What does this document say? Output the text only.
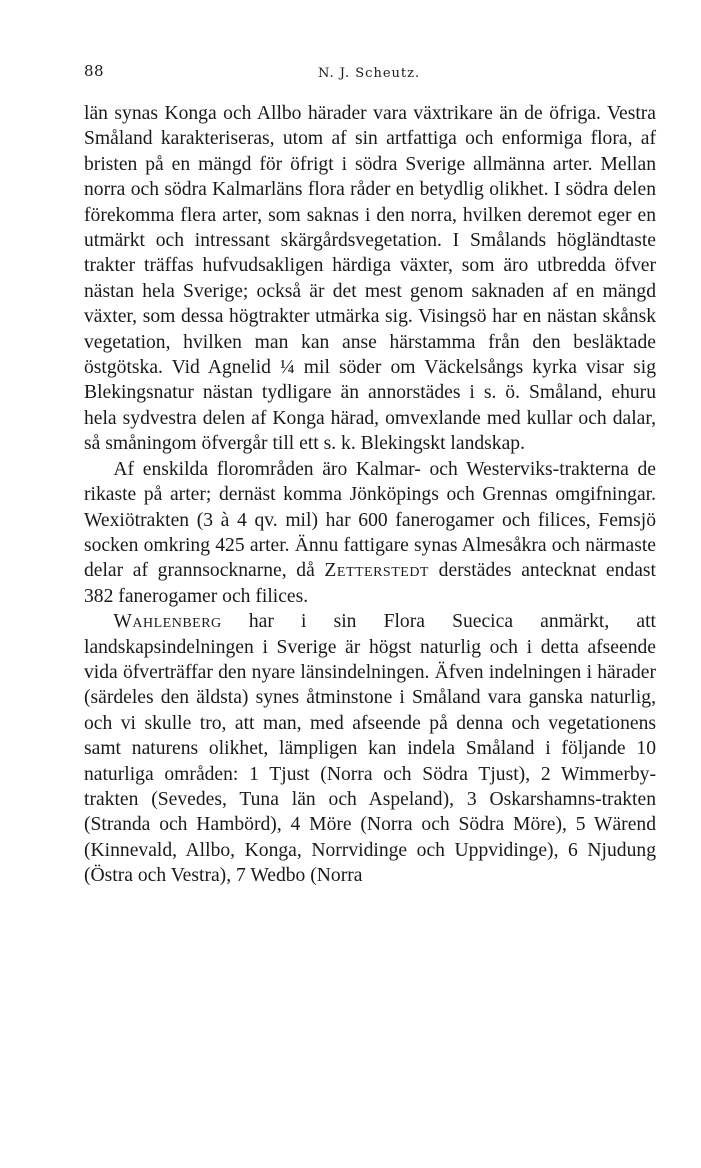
88	N. J. Scheutz.

län synas Konga och Allbo härader vara växtrikare än de öfriga. Vestra Småland karakteriseras, utom af sin artfattiga och enformiga flora, af bristen på en mängd för öfrigt i södra Sverige allmänna arter. Mellan norra och södra Kalmarläns flora råder en betydlig olikhet. I södra delen förekomma flera arter, som saknas i den norra, hvilken deremot eger en utmärkt och intressant skärgårdsvegetation. I Smålands högländtaste trakter träffas hufvudsakligen härdiga växter, som äro utbredda öfver nästan hela Sverige; också är det mest genom saknaden af en mängd växter, som dessa högtrakter utmärka sig. Visingsö har en nästan skånsk vegetation, hvilken man kan anse härstamma från den besläktade östgötska. Vid Agnelid ¼ mil söder om Väckelsångs kyrka visar sig Blekingsnatur nästan tydligare än annorstädes i s. ö. Småland, ehuru hela sydvestra delen af Konga härad, omvexlande med kullar och dalar, så småningom öfvergår till ett s. k. Blekingskt landskap.

Af enskilda florområden äro Kalmar- och Westerviks-trakterna de rikaste på arter; dernäst komma Jönköpings och Grennas omgifningar. Wexiötrakten (3 à 4 qv. mil) har 600 fanerogamer och filices, Femsjö socken omkring 425 arter. Ännu fattigare synas Almesåkra och närmaste delar af grannsocknarne, då Zetterstedt derstädes antecknat endast 382 fanerogamer och filices.

Wahlenberg har i sin Flora Suecica anmärkt, att landskapsindelningen i Sverige är högst naturlig och i detta afseende vida öfverträffar den nyare länsindelningen. Äfven indelningen i härader (särdeles den äldsta) synes åtminstone i Småland vara ganska naturlig, och vi skulle tro, att man, med afseende på denna och vegetationens samt naturens olikhet, lämpligen kan indela Småland i följande 10 naturliga områden: 1 Tjust (Norra och Södra Tjust), 2 Wimmerby-trakten (Sevedes, Tuna län och Aspeland), 3 Oskarshamns-trakten (Stranda och Hambörd), 4 Möre (Norra och Södra Möre), 5 Wärend (Kinnevald, Allbo, Konga, Norrvidinge och Uppvidinge), 6 Njudung (Östra och Vestra), 7 Wedbo (Norra
